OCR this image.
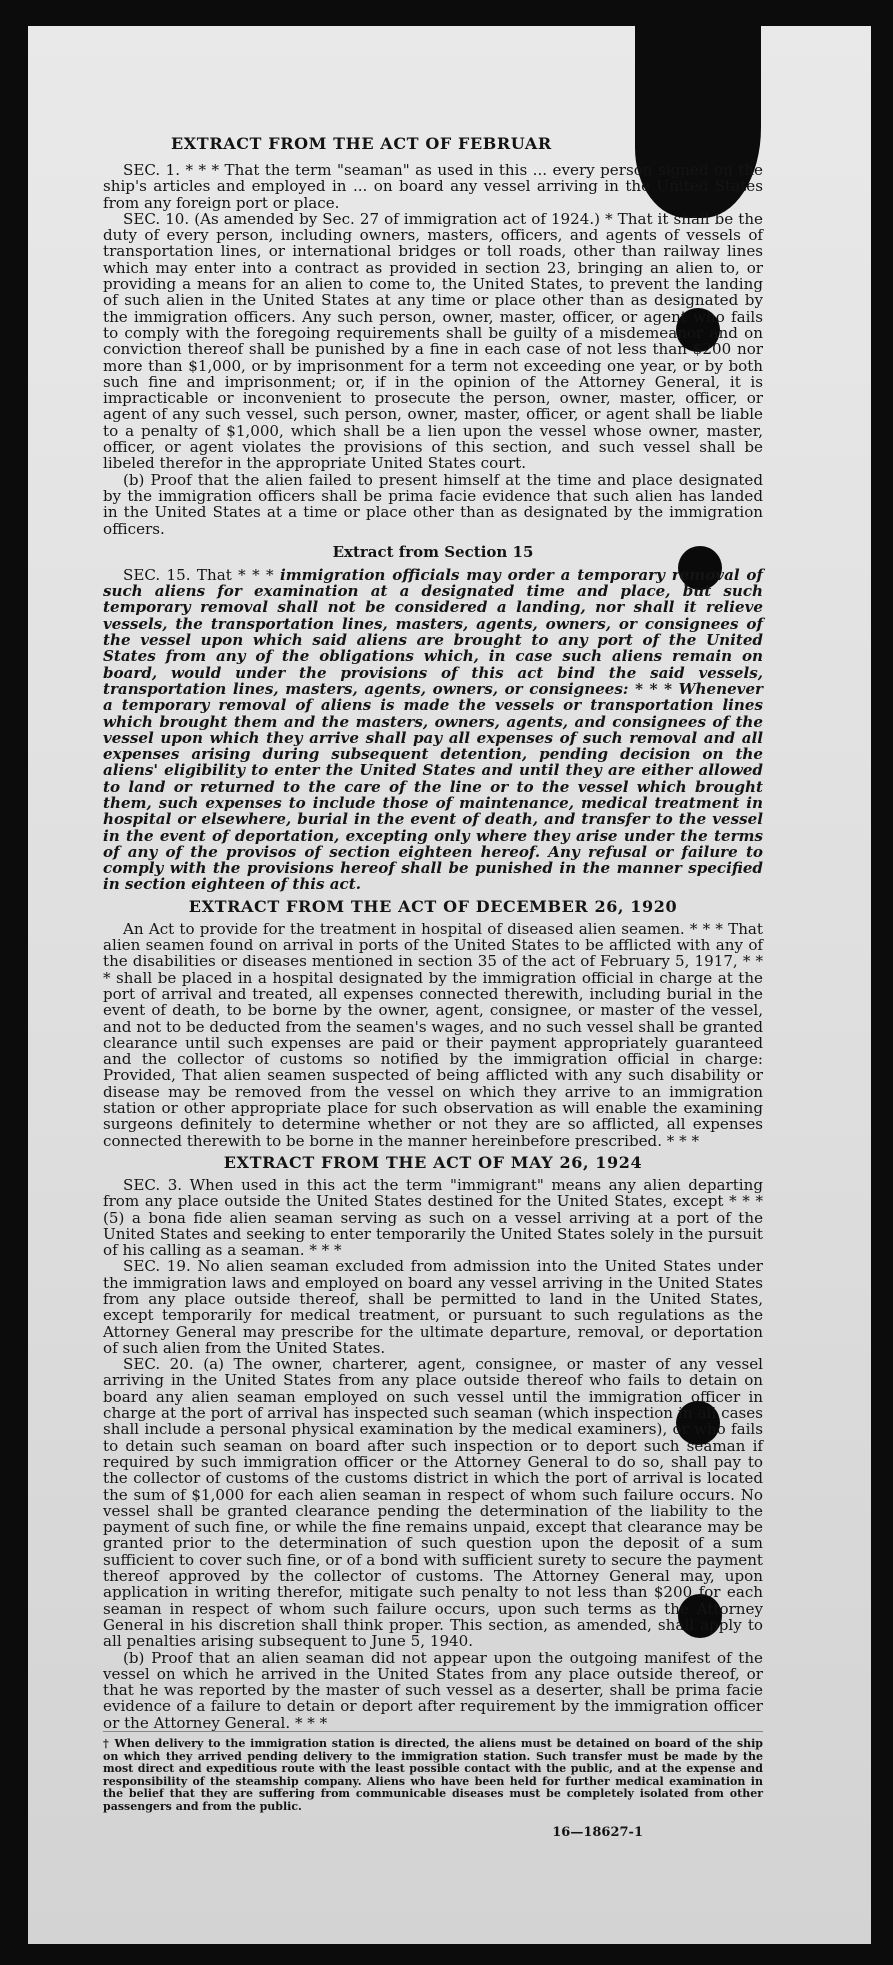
EXTRACT FROM THE ACT OF FEBRUAR

SEC. 1. * * * That the term "seaman" as used in this ... every person signed on the ship's articles and employed in ... on board any vessel arriving in the United States from any foreign port or place.

SEC. 10. (As amended by Sec. 27 of immigration act of 1924.) * That it shall be the duty of every person, including owners, masters, officers, and agents of vessels of transportation lines, or international bridges or toll roads, other than railway lines which may enter into a contract as provided in section 23, bringing an alien to, or providing a means for an alien to come to, the United States, to prevent the landing of such alien in the United States at any time or place other than as designated by the immigration officers. Any such person, owner, master, officer, or agent who fails to comply with the foregoing requirements shall be guilty of a misdemeanor and on conviction thereof shall be punished by a fine in each case of not less than $200 nor more than $1,000, or by imprisonment for a term not exceeding one year, or by both such fine and imprisonment; or, if in the opinion of the Attorney General, it is impracticable or inconvenient to prosecute the person, owner, master, officer, or agent of any such vessel, such person, owner, master, officer, or agent shall be liable to a penalty of $1,000, which shall be a lien upon the vessel whose owner, master, officer, or agent violates the provisions of this section, and such vessel shall be libeled therefor in the appropriate United States court.

(b) Proof that the alien failed to present himself at the time and place designated by the immigration officers shall be prima facie evidence that such alien has landed in the United States at a time or place other than as designated by the immigration officers.

Extract from Section 15

SEC. 15. That * * * immigration officials may order a temporary removal of such aliens for examination at a designated time and place, but such temporary removal shall not be considered a landing, nor shall it relieve vessels, the transportation lines, masters, agents, owners, or consignees of the vessel upon which said aliens are brought to any port of the United States from any of the obligations which, in case such aliens remain on board, would under the provisions of this act bind the said vessels, transportation lines, masters, agents, owners, or consignees: * * * Whenever a temporary removal of aliens is made the vessels or transportation lines which brought them and the masters, owners, agents, and consignees of the vessel upon which they arrive shall pay all expenses of such removal and all expenses arising during subsequent detention, pending decision on the aliens' eligibility to enter the United States and until they are either allowed to land or returned to the care of the line or to the vessel which brought them, such expenses to include those of maintenance, medical treatment in hospital or elsewhere, burial in the event of death, and transfer to the vessel in the event of deportation, excepting only where they arise under the terms of any of the provisos of section eighteen hereof. Any refusal or failure to comply with the provisions hereof shall be punished in the manner specified in section eighteen of this act.

EXTRACT FROM THE ACT OF DECEMBER 26, 1920

An Act to provide for the treatment in hospital of diseased alien seamen. * * * That alien seamen found on arrival in ports of the United States to be afflicted with any of the disabilities or diseases mentioned in section 35 of the act of February 5, 1917, * * * shall be placed in a hospital designated by the immigration official in charge at the port of arrival and treated, all expenses connected therewith, including burial in the event of death, to be borne by the owner, agent, consignee, or master of the vessel, and not to be deducted from the seamen's wages, and no such vessel shall be granted clearance until such expenses are paid or their payment appropriately guaranteed and the collector of customs so notified by the immigration official in charge: Provided, That alien seamen suspected of being afflicted with any such disability or disease may be removed from the vessel on which they arrive to an immigration station or other appropriate place for such observation as will enable the examining surgeons definitely to determine whether or not they are so afflicted, all expenses connected therewith to be borne in the manner hereinbefore prescribed. * * *

EXTRACT FROM THE ACT OF MAY 26, 1924

SEC. 3. When used in this act the term "immigrant" means any alien departing from any place outside the United States destined for the United States, except * * * (5) a bona fide alien seaman serving as such on a vessel arriving at a port of the United States and seeking to enter temporarily the United States solely in the pursuit of his calling as a seaman. * * *

SEC. 19. No alien seaman excluded from admission into the United States under the immigration laws and employed on board any vessel arriving in the United States from any place outside thereof, shall be permitted to land in the United States, except temporarily for medical treatment, or pursuant to such regulations as the Attorney General may prescribe for the ultimate departure, removal, or deportation of such alien from the United States.

SEC. 20. (a) The owner, charterer, agent, consignee, or master of any vessel arriving in the United States from any place outside thereof who fails to detain on board any alien seaman employed on such vessel until the immigration officer in charge at the port of arrival has inspected such seaman (which inspection in all cases shall include a personal physical examination by the medical examiners), or who fails to detain such seaman on board after such inspection or to deport such seaman if required by such immigration officer or the Attorney General to do so, shall pay to the collector of customs of the customs district in which the port of arrival is located the sum of $1,000 for each alien seaman in respect of whom such failure occurs. No vessel shall be granted clearance pending the determination of the liability to the payment of such fine, or while the fine remains unpaid, except that clearance may be granted prior to the determination of such question upon the deposit of a sum sufficient to cover such fine, or of a bond with sufficient surety to secure the payment thereof approved by the collector of customs. The Attorney General may, upon application in writing therefor, mitigate such penalty to not less than $200 for each seaman in respect of whom such failure occurs, upon such terms as the Attorney General in his discretion shall think proper. This section, as amended, shall apply to all penalties arising subsequent to June 5, 1940.

(b) Proof that an alien seaman did not appear upon the outgoing manifest of the vessel on which he arrived in the United States from any place outside thereof, or that he was reported by the master of such vessel as a deserter, shall be prima facie evidence of a failure to detain or deport after requirement by the immigration officer or the Attorney General. * * *

† When delivery to the immigration station is directed, the aliens must be detained on board of the ship on which they arrived pending delivery to the immigration station. Such transfer must be made by the most direct and expeditious route with the least possible contact with the public, and at the expense and responsibility of the steamship company. Aliens who have been held for further medical examination in the belief that they are suffering from communicable diseases must be completely isolated from other passengers and from the public.

16—18627-1
